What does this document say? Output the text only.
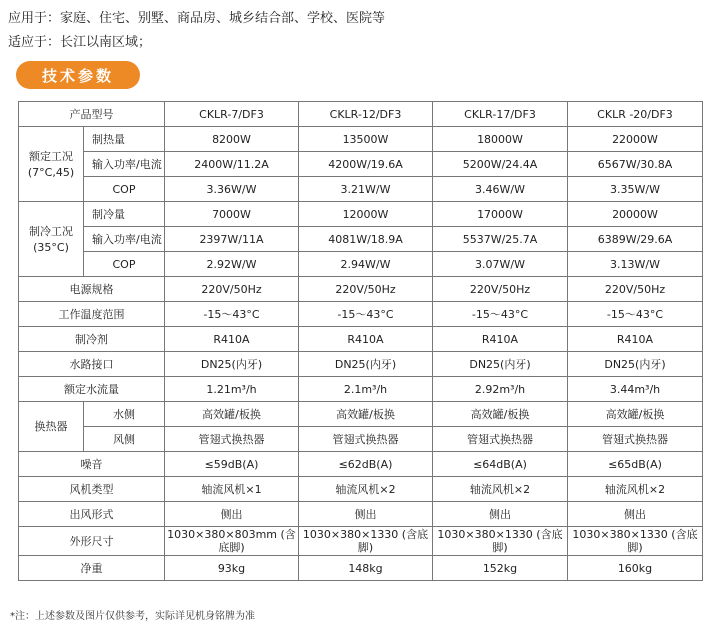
应用于：家庭、住宅、别墅、商品房、城乡结合部、学校、医院等
适应于：长江以南区域；
技术参数
产品型号		CKLR-7/DF3	CKLR-12/DF3	CKLR-17/DF3	CKLR -20/DF3

额定工况
(7°C,45)	制热量	8200W	13500W	18000W	22000W
	输入功率/电流	2400W/11.2A	4200W/19.6A	5200W/24.4A	6567W/30.8A
	COP	3.36W/W	3.21W/W	3.46W/W	3.35W/W

制冷工况
(35°C)	制冷量	7000W	12000W	17000W	20000W
	输入功率/电流	2397W/11A	4081W/18.9A	5537W/25.7A	6389W/29.6A
	COP	2.92W/W	2.94W/W	3.07W/W	3.13W/W
电源规格		220V/50Hz	220V/50Hz	220V/50Hz	220V/50Hz
工作温度范围		-15～43°C	-15～43°C	-15～43°C	-15～43°C
制冷剂		R410A	R410A	R410A	R410A
水路接口		DN25(内牙)	DN25(内牙)	DN25(内牙)	DN25(内牙)
额定水流量		1.21m³/h	2.1m³/h	2.92m³/h	3.44m³/h
换热器	水侧	高效罐/板换	高效罐/板换	高效罐/板换	高效罐/板换
	风侧	管翅式换热器	管翅式换热器	管翅式换热器	管翅式换热器
噪音		≤59dB(A)	≤62dB(A)	≤64dB(A)	≤65dB(A)
风机类型		轴流风机×1	轴流风机×2	轴流风机×2	轴流风机×2
出风形式		侧出	侧出	侧出	侧出
外形尺寸		1030×380×803mm (含底脚)	1030×380×1330 (含底脚)	1030×380×1330 (含底脚)	1030×380×1330 (含底脚)
净重		93kg	148kg	152kg	160kg
*注：上述参数及图片仅供参考，实际详见机身铭牌为准
